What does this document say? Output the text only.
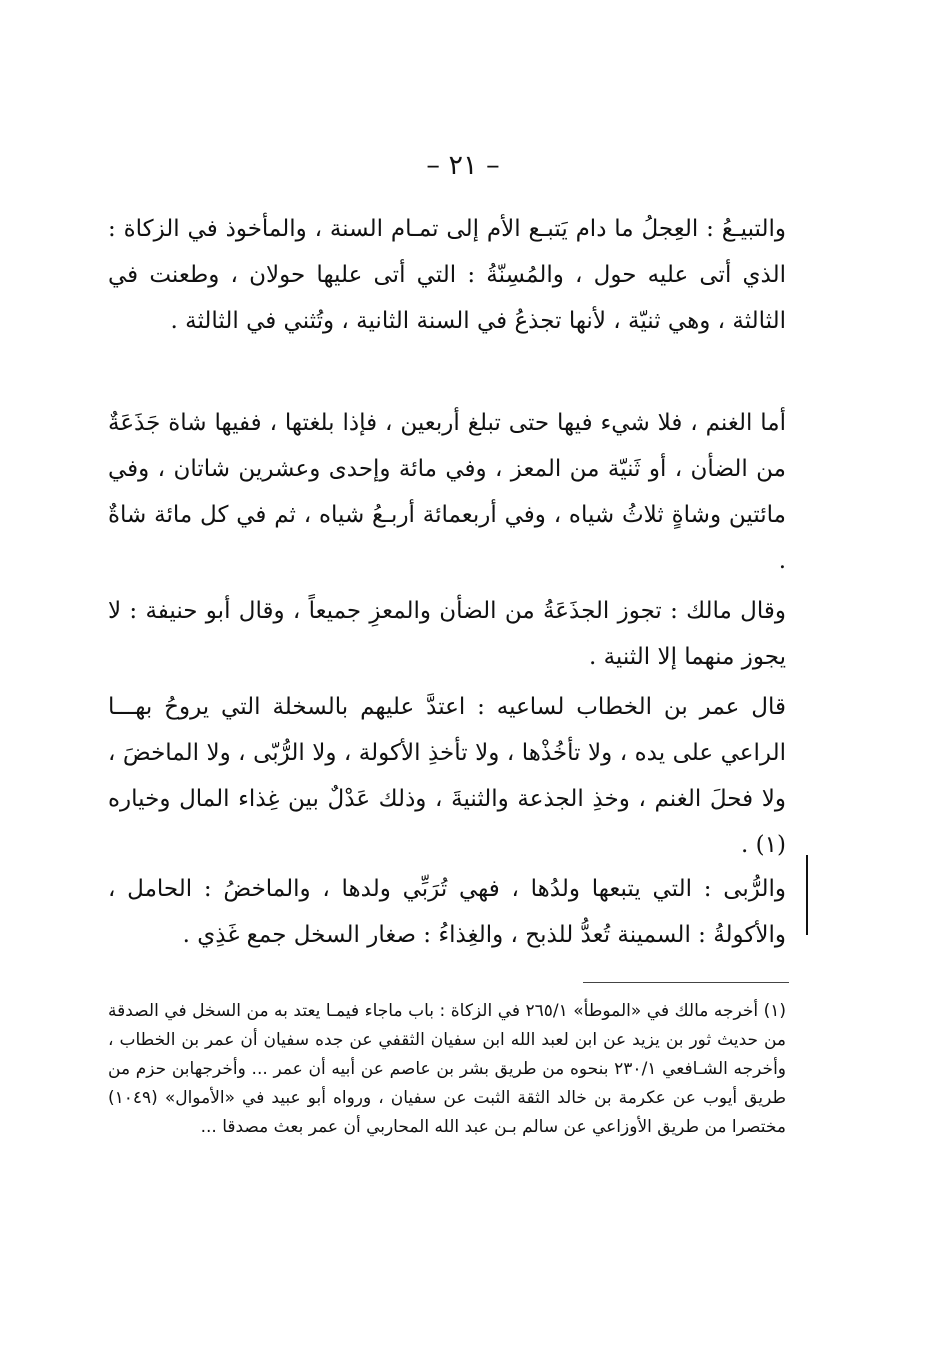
– ٢١ –

والتبيـعُ : العِجلُ ما دام يَتبـع الأم إلى تمـام السنة ، والمأخوذ في الزكاة : الذي أتى عليه حول ، والمُسِنّةُ : التي أتى عليها حولان ، وطعنت في الثالثة ، وهي ثنيّة ، لأنها تجذعُ في السنة الثانية ، وتُثني في الثالثة .

أما الغنم ، فلا شيء فيها حتى تبلغ أربعين ، فإذا بلغتها ، ففيها شاة جَذَعَةٌ من الضأن ، أو ثَنيّة من المعز ، وفي مائة وإحدى وعشرين شاتان ، وفي مائتين وشاةٍ ثلاثُ شياه ، وفي أربعمائة أربـعُ شياه ، ثم في كل مائة شاةٌ .

وقال مالك : تجوز الجذَعَةُ من الضأن والمعزِ جميعاً ، وقال أبو حنيفة : لا يجوز منهما إلا الثنية .

قال عمر بن الخطاب لساعيه : اعتدَّ عليهم بالسخلة التي يروحُ بهـــا الراعي على يده ، ولا تأخُذْها ، ولا تأخذِ الأكولة ، ولا الرُّبّى ، ولا الماخضَ ، ولا فحلَ الغنم ، وخذِ الجذعة والثنيةَ ، وذلك عَدْلٌ بين غِذاء المال وخياره (١) .

والرُّبى : التي يتبعها ولدُها ، فهي تُرَبِّي ولدها ، والماخضُ : الحامل ، والأكولةُ : السمينة تُعدُّ للذبح ، والغِذاءُ : صغار السخل جمع غَذِي .

(١) أخرجه مالك في «الموطأ» ٢٦٥/١ في الزكاة : باب ماجاء فيمـا يعتد به من السخل في الصدقة من حديث ثور بن يزيد عن ابن لعبد الله ابن سفيان الثقفي عن جده سفيان أن عمر بن الخطاب ، وأخرجه الشـافعي ٢٣٠/١ بنحوه من طريق بشر بن عاصم عن أبيه أن عمر ... وأخرجهابن حزم من طريق أيوب عن عكرمة بن خالد الثقة الثبت عن سفيان ، ورواه أبو عبيد في «الأموال» (١٠٤٩) مختصرا من طريق الأوزاعي عن سالم بـن عبد الله المحاربي أن عمر بعث مصدقا ...
